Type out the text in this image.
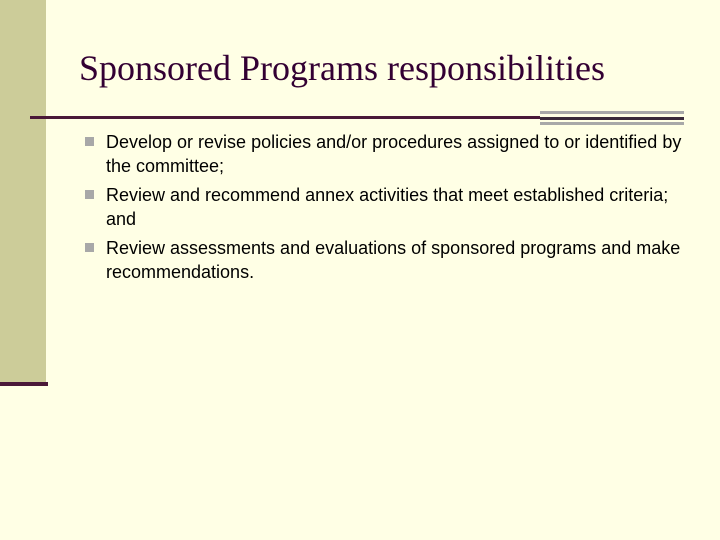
Sponsored Programs responsibilities
Develop or revise policies and/or procedures assigned to or identified by the committee;
Review and recommend annex activities that meet established criteria; and
Review assessments and evaluations of sponsored programs and make recommendations.
